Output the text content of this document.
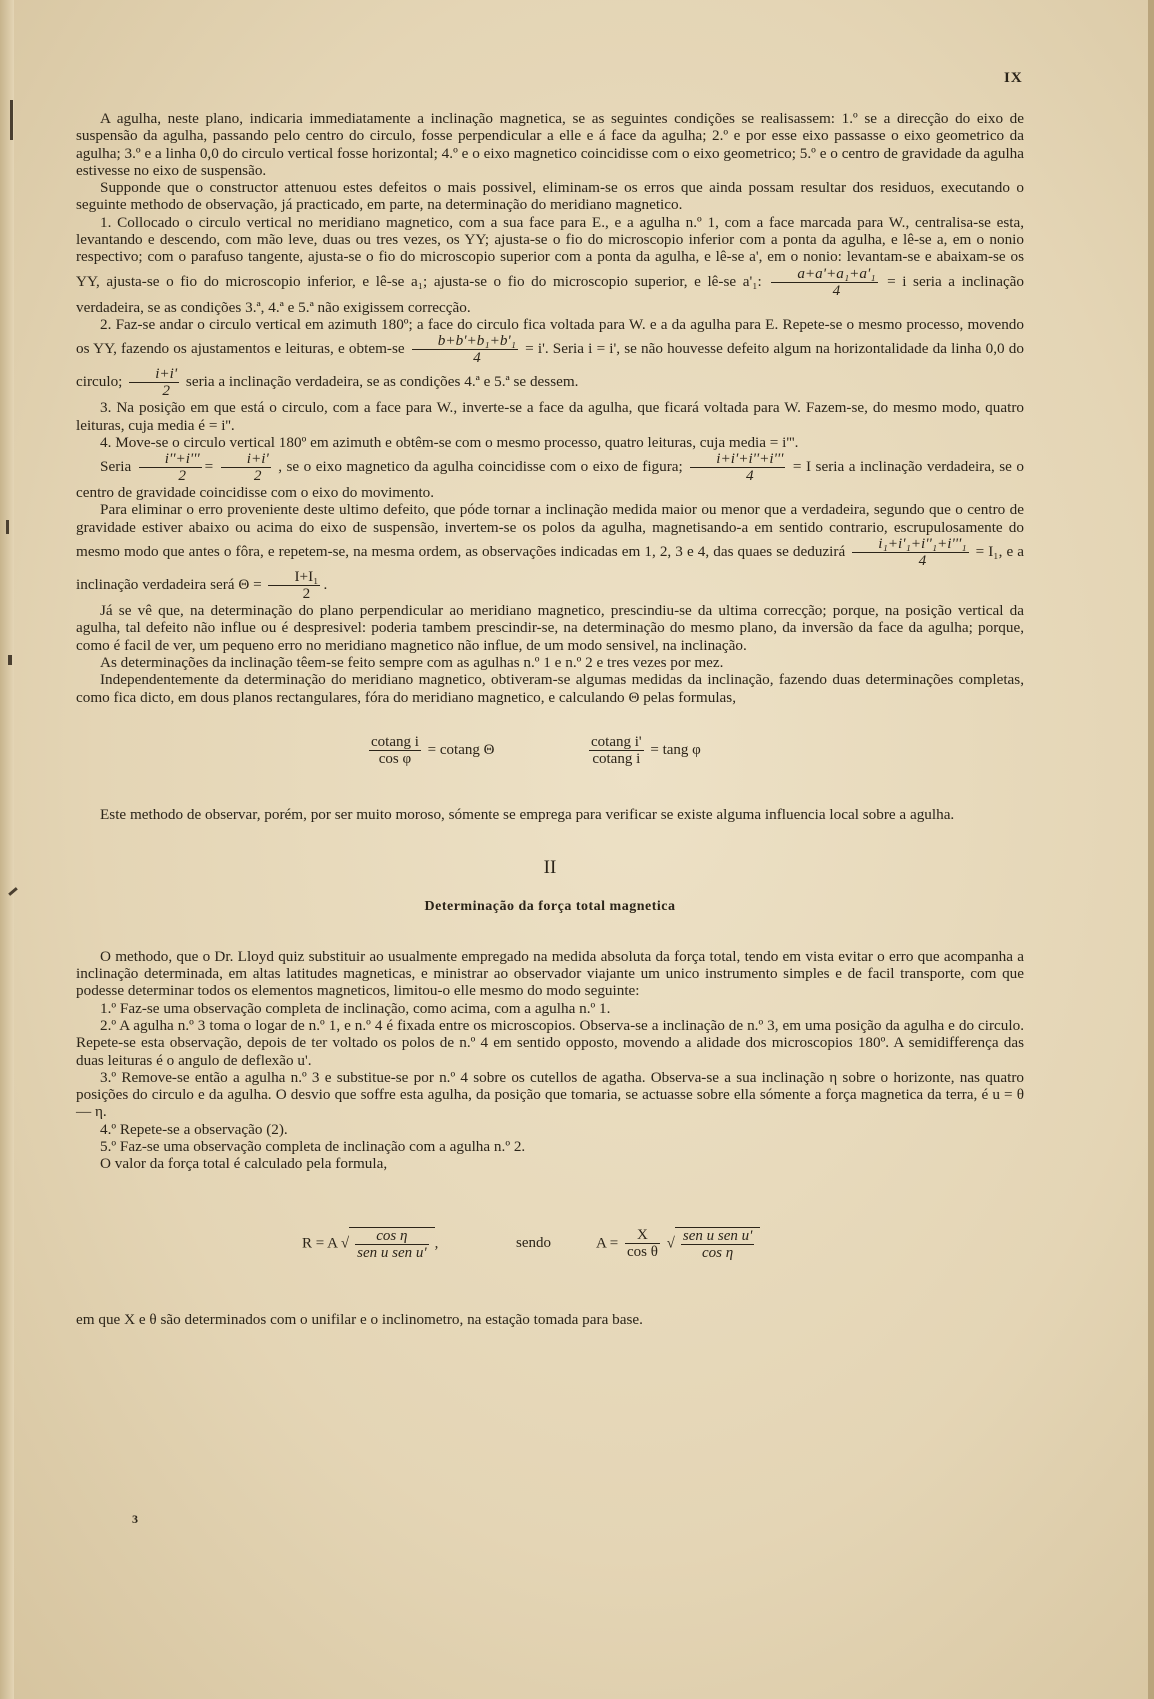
IX

A agulha, neste plano, indicaria immediatamente a inclinação magnetica, se as seguintes condições se realisassem: 1.º se a direcção do eixo de suspensão da agulha, passando pelo centro do circulo, fosse perpendicular a elle e á face da agulha; 2.º e por esse eixo passasse o eixo geometrico da agulha; 3.º e a linha 0,0 do circulo vertical fosse horizontal; 4.º e o eixo magnetico coincidisse com o eixo geometrico; 5.º e o centro de gravidade da agulha estivesse no eixo de suspensão.

Supponde que o constructor attenuou estes defeitos o mais possivel, eliminam-se os erros que ainda possam resultar dos residuos, executando o seguinte methodo de observação, já practicado, em parte, na determinação do meridiano magnetico.

1. Collocado o circulo vertical no meridiano magnetico, com a sua face para E., e a agulha n.º 1, com a face marcada para W., centralisa-se esta, levantando e descendo, com mão leve, duas ou tres vezes, os YY; ajusta-se o fio do microscopio inferior com a ponta da agulha, e lê-se a, em o nonio respectivo; com o parafuso tangente, ajusta-se o fio do microscopio superior com a ponta da agulha, e lê-se a', em o nonio: levantam-se e abaixam-se os YY, ajusta-se o fio do microscopio inferior, e lê-se a₁; ajusta-se o fio do microscopio superior, e lê-se a'₁: $\frac{\text{a+a'+a₁+a'₁}}{4} = i$ seria a inclinação verdadeira, se as condições 3.ª, 4.ª e 5.ª não exigissem correcção.

2. Faz-se andar o circulo vertical em azimuth 180º; a face do circulo fica voltada para W. e a da agulha para E. Repete-se o mesmo processo, movendo os YY, fazendo os ajustamentos e leituras, e obtem-se $\frac{\text{b+b'+b₁+b'₁}}{4} = i'$. Seria i = i', se não houvesse defeito algum na horizontalidade da linha 0,0 do circulo; $\frac{i+i'}{2}$ seria a inclinação verdadeira, se as condições 4.ª e 5.ª se dessem.

3. Na posição em que está o circulo, com a face para W., inverte-se a face da agulha, que ficará voltada para W. Fazem-se, do mesmo modo, quatro leituras, cuja media é = i''.

4. Move-se o circulo vertical 180º em azimuth e obtêm-se com o mesmo processo, quatro leituras, cuja media = i'''.

Seria $\frac{i''+i'''}{2} = \frac{i+i'}{2}$ , se o eixo magnetico da agulha coincidisse com o eixo de figura; $\frac{i+i'+i''+i'''}{4} = I$ seria a inclinação verdadeira, se o centro de gravidade coincidisse com o eixo do movimento.

Para eliminar o erro proveniente deste ultimo defeito, que póde tornar a inclinação medida maior ou menor que a verdadeira, segundo que o centro de gravidade estiver abaixo ou acima do eixo de suspensão, invertem-se os polos da agulha, magnetisando-a em sentido contrario, escrupulosamente do mesmo modo que antes o fôra, e repetem-se, na mesma ordem, as observações indicadas em 1, 2, 3 e 4, das quaes se deduzirá $\frac{\text{i₁+i'₁+i''₁+i'''₁}}{4} = I_1$, e a inclinação verdadeira será $\Theta = \frac{\text{I+I₁}}{2}$ .

Já se vê que, na determinação do plano perpendicular ao meridiano magnetico, prescindiu-se da ultima correcção; porque, na posição vertical da agulha, tal defeito não influe ou é despresivel: poderia tambem prescindir-se, na determinação do mesmo plano, da inversão da face da agulha; porque, como é facil de ver, um pequeno erro no meridiano magnetico não influe, de um modo sensivel, na inclinação.

As determinações da inclinação têem-se feito sempre com as agulhas n.º 1 e n.º 2 e tres vezes por mez.

Independentemente da determinação do meridiano magnetico, obtiveram-se algumas medidas da inclinação, fazendo duas determinações completas, como fica dicto, em dous planos rectangulares, fóra do meridiano magnetico, e calculando Θ pelas formulas,

$\frac{\text{cotang i}}{\text{cos φ}} = cotang$ Θ	$\frac{\text{cotang i'}}{\text{cotang i}} = \tan g$ φ

Este methodo de observar, porém, por ser muito moroso, sómente se emprega para verificar se existe alguma influencia local sobre a agulha.

II

Determinação da força total magnetica

O methodo, que o Dr. Lloyd quiz substituir ao usualmente empregado na medida absoluta da força total, tendo em vista evitar o erro que acompanha a inclinação determinada, em altas latitudes magneticas, e ministrar ao observador viajante um unico instrumento simples e de facil transporte, com que podesse determinar todos os elementos magneticos, limitou-o elle mesmo do modo seguinte:

1.º Faz-se uma observação completa de inclinação, como acima, com a agulha n.º 1.

2.º A agulha n.º 3 toma o logar de n.º 1, e n.º 4 é fixada entre os microscopios. Observa-se a inclinação de n.º 3, em uma posição da agulha e do circulo. Repete-se esta observação, depois de ter voltado os polos de n.º 4 em sentido opposto, movendo a alidade dos microscopios 180º. A semidifferença das duas leituras é o angulo de deflexão u'.

3.º Remove-se então a agulha n.º 3 e substitue-se por n.º 4 sobre os cutellos de agatha. Observa-se a sua inclinação η sobre o horizonte, nas quatro posições do circulo e da agulha. O desvio que soffre esta agulha, da posição que tomaria, se actuasse sobre ella sómente a força magnetica da terra, é u = θ — η.

4.º Repete-se a observação (2).

5.º Faz-se uma observação completa de inclinação com a agulha n.º 2.

O valor da força total é calculado pela formula,

R = A √ $\frac{\text{cos η}}{\text{sen u sen u'}}$ ,	sendo	$A = \frac{X}{\text{cos θ}}$ √ $\frac{\text{sen u sen u'}}{\text{cos η}}$

em que X e θ são determinados com o unifilar e o inclinometro, na estação tomada para base.

3
